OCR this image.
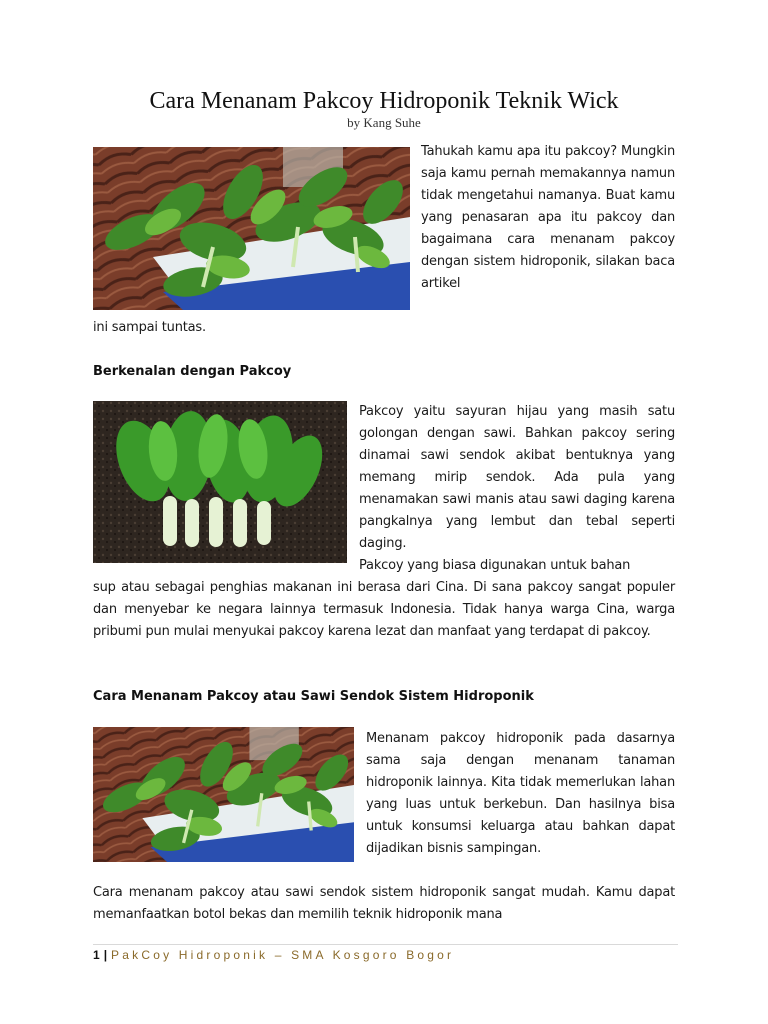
Cara Menanam Pakcoy Hidroponik Teknik Wick
by Kang Suhe
Tahukah kamu apa itu pakcoy? Mungkin saja kamu pernah memakannya namun tidak mengetahui namanya. Buat kamu yang penasaran apa itu pakcoy dan bagaimana cara menanam pakcoy dengan sistem hidroponik, silakan baca artikel
ini sampai tuntas.
Berkenalan dengan Pakcoy
Pakcoy yaitu sayuran hijau yang masih satu golongan dengan sawi. Bahkan pakcoy sering dinamai sawi sendok akibat bentuknya yang memang mirip sendok. Ada pula yang menamakan sawi manis atau sawi daging karena pangkalnya yang lembut dan tebal seperti daging.
Pakcoy yang biasa digunakan untuk bahan
sup atau sebagai penghias makanan ini berasa dari Cina. Di sana pakcoy sangat populer dan menyebar ke negara lainnya termasuk Indonesia. Tidak hanya warga Cina, warga pribumi pun mulai menyukai pakcoy karena lezat dan manfaat yang terdapat di pakcoy.
Cara Menanam Pakcoy atau Sawi Sendok Sistem Hidroponik
Menanam pakcoy hidroponik pada dasarnya sama saja dengan menanam tanaman hidroponik lainnya. Kita tidak memerlukan lahan yang luas untuk berkebun. Dan hasilnya bisa untuk konsumsi keluarga atau bahkan dapat dijadikan bisnis sampingan.
Cara menanam pakcoy atau sawi sendok sistem hidroponik sangat mudah. Kamu dapat memanfaatkan botol bekas dan memilih teknik hidroponik mana
1 | PakCoy Hidroponik – SMA Kosgoro Bogor
